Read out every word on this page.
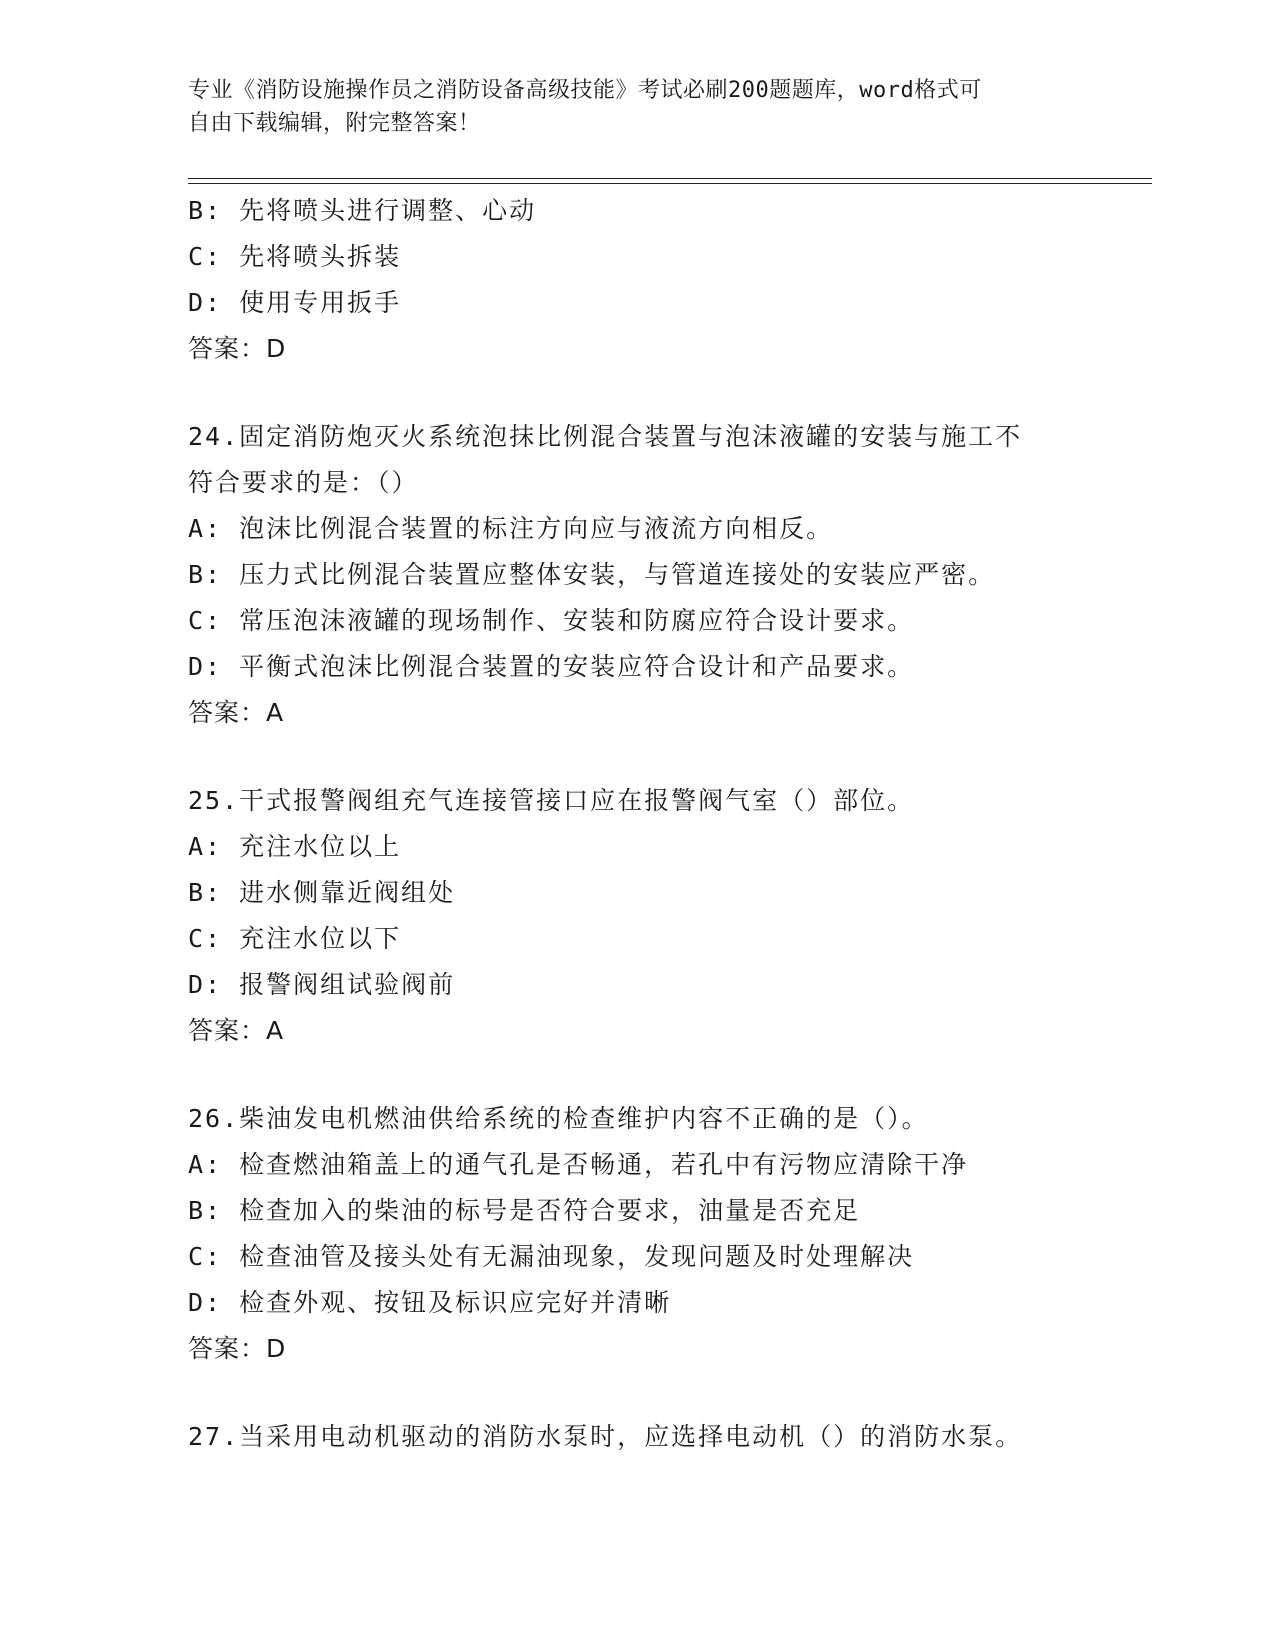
专业《消防设施操作员之消防设备高级技能》考试必刷200题题库，word格式可
自由下载编辑，附完整答案！
B: 先将喷头进行调整、心动
C: 先将喷头拆装
D: 使用专用扳手
答案：D
24.固定消防炮灭火系统泡抹比例混合装置与泡沫液罐的安装与施工不
符合要求的是：（）
A: 泡沫比例混合装置的标注方向应与液流方向相反。
B: 压力式比例混合装置应整体安装，与管道连接处的安装应严密。
C: 常压泡沫液罐的现场制作、安装和防腐应符合设计要求。
D: 平衡式泡沫比例混合装置的安装应符合设计和产品要求。
答案：A
25.干式报警阀组充气连接管接口应在报警阀气室（）部位。
A: 充注水位以上
B: 进水侧靠近阀组处
C: 充注水位以下
D: 报警阀组试验阀前
答案：A
26.柴油发电机燃油供给系统的检查维护内容不正确的是（）。
A: 检查燃油箱盖上的通气孔是否畅通，若孔中有污物应清除干净
B: 检查加入的柴油的标号是否符合要求，油量是否充足
C: 检查油管及接头处有无漏油现象，发现问题及时处理解决
D: 检查外观、按钮及标识应完好并清晰
答案：D
27.当采用电动机驱动的消防水泵时，应选择电动机（）的消防水泵。
